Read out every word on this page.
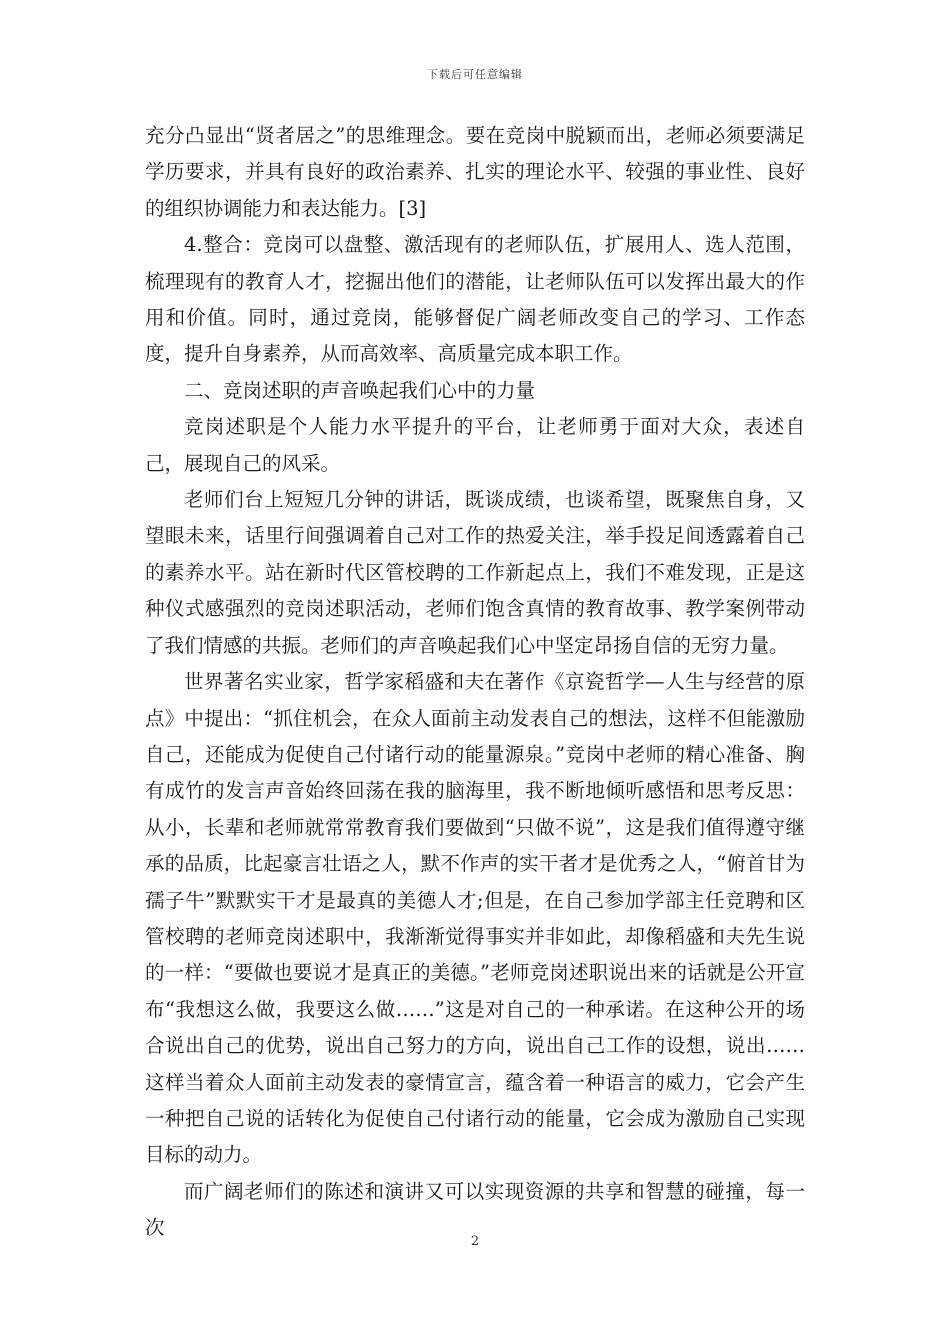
下载后可任意编辑

充分凸显出“贤者居之”的思维理念。要在竞岗中脱颖而出，老师必须要满足学历要求，并具有良好的政治素养、扎实的理论水平、较强的事业性、良好的组织协调能力和表达能力。[3]

4.整合：竞岗可以盘整、激活现有的老师队伍，扩展用人、选人范围，梳理现有的教育人才，挖掘出他们的潜能，让老师队伍可以发挥出最大的作用和价值。同时，通过竞岗，能够督促广阔老师改变自己的学习、工作态度，提升自身素养，从而高效率、高质量完成本职工作。

二、竞岗述职的声音唤起我们心中的力量

竞岗述职是个人能力水平提升的平台，让老师勇于面对大众，表述自己，展现自己的风采。

老师们台上短短几分钟的讲话，既谈成绩，也谈希望，既聚焦自身，又望眼未来，话里行间强调着自己对工作的热爱关注，举手投足间透露着自己的素养水平。站在新时代区管校聘的工作新起点上，我们不难发现，正是这种仪式感强烈的竞岗述职活动，老师们饱含真情的教育故事、教学案例带动了我们情感的共振。老师们的声音唤起我们心中坚定昂扬自信的无穷力量。

世界著名实业家，哲学家稻盛和夫在著作《京瓷哲学—人生与经营的原点》中提出：“抓住机会，在众人面前主动发表自己的想法，这样不但能激励自己，还能成为促使自己付诸行动的能量源泉。”竞岗中老师的精心准备、胸有成竹的发言声音始终回荡在我的脑海里，我不断地倾听感悟和思考反思：从小，长辈和老师就常常教育我们要做到“只做不说”，这是我们值得遵守继承的品质，比起豪言壮语之人，默不作声的实干者才是优秀之人，“俯首甘为孺子牛”默默实干才是最真的美德人才;但是，在自己参加学部主任竞聘和区管校聘的老师竞岗述职中，我渐渐觉得事实并非如此，却像稻盛和夫先生说的一样：“要做也要说才是真正的美德。”老师竞岗述职说出来的话就是公开宣布“我想这么做，我要这么做……”这是对自己的一种承诺。在这种公开的场合说出自己的优势，说出自己努力的方向，说出自己工作的设想，说出……这样当着众人面前主动发表的豪情宣言，蕴含着一种语言的威力，它会产生一种把自己说的话转化为促使自己付诸行动的能量，它会成为激励自己实现目标的动力。

而广阔老师们的陈述和演讲又可以实现资源的共享和智慧的碰撞，每一次

2
